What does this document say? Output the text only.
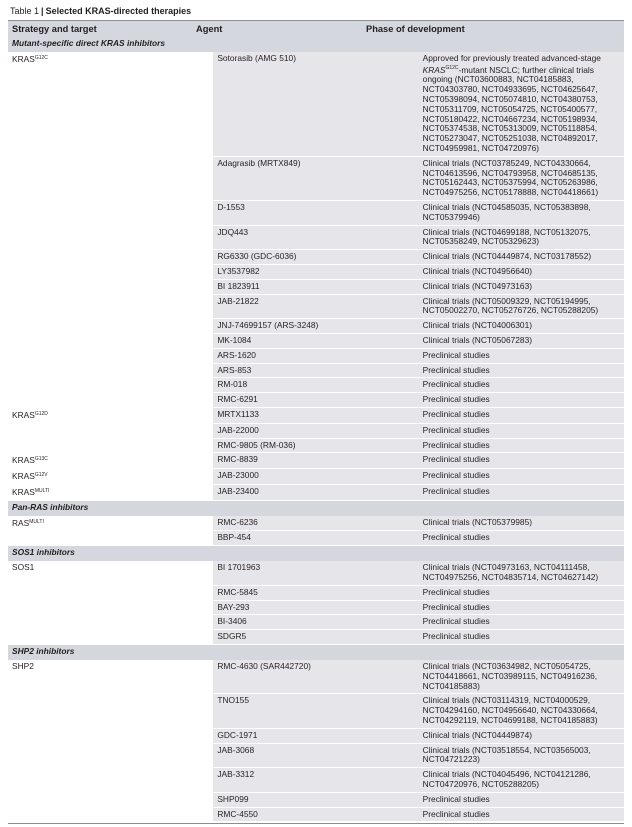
Table 1 | Selected KRAS-directed therapies
Strategy and target	Agent	Phase of development
Mutant-specific direct KRAS inhibitors		
$KRAS^{G12C}$	Sotorasib (AMG 510)	Approved for previously treated advanced-stage $KRAS^{G12C}$-mutant NSCLC; further clinical trials ongoing (NCT03600883, NCT04185883, NCT04303780, NCT04933695, NCT04625647, NCT05398094, NCT05074810, NCT04380753, NCT05311709, NCT05054725, NCT05400577, NCT05180422, NCT04667234, NCT05198934, NCT05374538, NCT05313009, NCT05118854, NCT05273047, NCT05251038, NCT04892017, NCT04959981, NCT04720976)
	Adagrasib (MRTX849)	Clinical trials (NCT03785249, NCT04330664, NCT04613596, NCT04793958, NCT04685135, NCT05162443, NCT05375994, NCT05263986, NCT04975256, NCT05178888, NCT04418661)
	D-1553	Clinical trials (NCT04585035, NCT05383898, NCT05379946)
	JDQ443	Clinical trials (NCT04699188, NCT05132075, NCT05358249, NCT05329623)
	RG6330 (GDC-6036)	Clinical trials (NCT04449874, NCT03178552)
	LY3537982	Clinical trials (NCT04956640)
	BI 1823911	Clinical trials (NCT04973163)
	JAB-21822	Clinical trials (NCT05009329, NCT05194995, NCT05002270, NCT05276726, NCT05288205)
	JNJ-74699157 (ARS-3248)	Clinical trials (NCT04006301)
	MK-1084	Clinical trials (NCT05067283)
	ARS-1620	Preclinical studies
	ARS-853	Preclinical studies
	RM-018	Preclinical studies
	RMC-6291	Preclinical studies
$KRAS^{G12D}$	MRTX1133	Preclinical studies
	JAB-22000	Preclinical studies
	RMC-9805 (RM-036)	Preclinical studies
$KRAS^{G13C}$	RMC-8839	Preclinical studies
$KRAS^{G12V}$	JAB-23000	Preclinical studies
$KRAS^{MULTI}$	JAB-23400	Preclinical studies
Pan-RAS inhibitors		
$RAS^{MULTI}$	RMC-6236	Clinical trials (NCT05379985)
	BBP-454	Preclinical studies
SOS1 inhibitors		
SOS1	BI 1701963	Clinical trials (NCT04973163, NCT04111458, NCT04975256, NCT04835714, NCT04627142)
	RMC-5845	Preclinical studies
	BAY-293	Preclinical studies
	BI-3406	Preclinical studies
	SDGR5	Preclinical studies
SHP2 inhibitors		
SHP2	RMC-4630 (SAR442720)	Clinical trials (NCT03634982, NCT05054725, NCT04418661, NCT03989115, NCT04916236, NCT04185883)
	TNO155	Clinical trials (NCT03114319, NCT04000529, NCT04294160, NCT04956640, NCT04330664, NCT04292119, NCT04699188, NCT04185883)
	GDC-1971	Clinical trials (NCT04449874)
	JAB-3068	Clinical trials (NCT03518554, NCT03565003, NCT04721223)
	JAB-3312	Clinical trials (NCT04045496, NCT04121286, NCT04720976, NCT05288205)
	SHP099	Preclinical studies
	RMC-4550	Preclinical studies
